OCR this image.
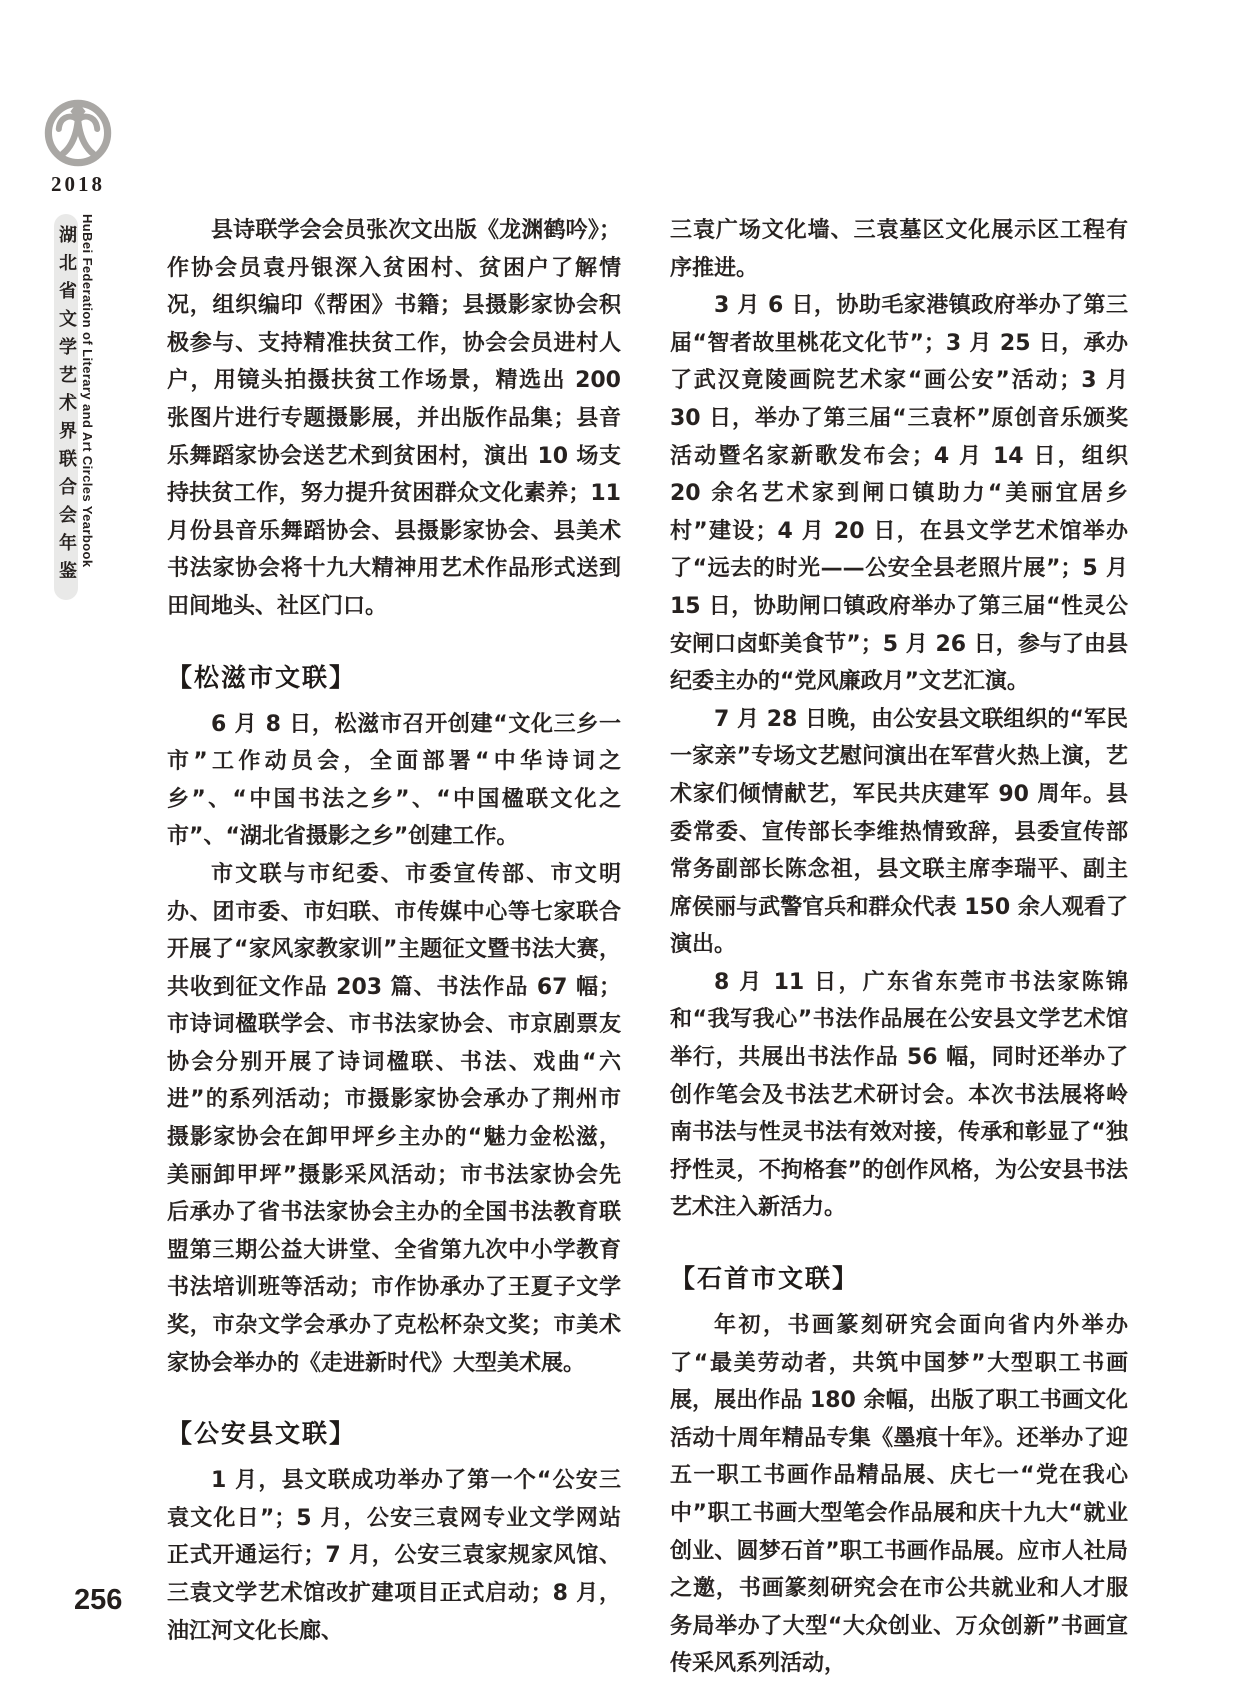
2018
湖北省文学艺术界联合会年鉴 HuBei Federation of Literary and Art Circles Yearbook
256
县诗联学会会员张次文出版《龙渊鹤吟》；作协会员袁丹银深入贫困村、贫困户了解情况，组织编印《帮困》书籍；县摄影家协会积极参与、支持精准扶贫工作，协会会员进村人户，用镜头拍摄扶贫工作场景，精选出 200 张图片进行专题摄影展，并出版作品集；县音乐舞蹈家协会送艺术到贫困村，演出 10 场支持扶贫工作，努力提升贫困群众文化素养；11 月份县音乐舞蹈协会、县摄影家协会、县美术书法家协会将十九大精神用艺术作品形式送到田间地头、社区门口。
【松滋市文联】
6 月 8 日，松滋市召开创建“文化三乡一市”工作动员会，全面部署“中华诗词之乡”、“中国书法之乡”、“中国楹联文化之市”、“湖北省摄影之乡”创建工作。
市文联与市纪委、市委宣传部、市文明办、团市委、市妇联、市传媒中心等七家联合开展了“家风家教家训”主题征文暨书法大赛，共收到征文作品 203 篇、书法作品 67 幅；市诗词楹联学会、市书法家协会、市京剧票友协会分别开展了诗词楹联、书法、戏曲“六进”的系列活动；市摄影家协会承办了荆州市摄影家协会在卸甲坪乡主办的“魅力金松滋，美丽卸甲坪”摄影采风活动；市书法家协会先后承办了省书法家协会主办的全国书法教育联盟第三期公益大讲堂、全省第九次中小学教育书法培训班等活动；市作协承办了王夏子文学奖，市杂文学会承办了克松杯杂文奖；市美术家协会举办的《走进新时代》大型美术展。
【公安县文联】
1 月，县文联成功举办了第一个“公安三袁文化日”；5 月，公安三袁网专业文学网站正式开通运行；7 月，公安三袁家规家风馆、三袁文学艺术馆改扩建项目正式启动；8 月，油江河文化长廊、
三袁广场文化墙、三袁墓区文化展示区工程有序推进。
3 月 6 日，协助毛家港镇政府举办了第三届“智者故里桃花文化节”；3 月 25 日，承办了武汉竟陵画院艺术家“画公安”活动；3 月 30 日，举办了第三届“三袁杯”原创音乐颁奖活动暨名家新歌发布会；4 月 14 日，组织 20 余名艺术家到闸口镇助力“美丽宜居乡村”建设；4 月 20 日，在县文学艺术馆举办了“远去的时光——公安全县老照片展”；5 月 15 日，协助闸口镇政府举办了第三届“性灵公安闸口卤虾美食节”；5 月 26 日，参与了由县纪委主办的“党风廉政月”文艺汇演。
7 月 28 日晚，由公安县文联组织的“军民一家亲”专场文艺慰问演出在军营火热上演，艺术家们倾情献艺，军民共庆建军 90 周年。县委常委、宣传部长李维热情致辞，县委宣传部常务副部长陈念祖，县文联主席李瑞平、副主席侯丽与武警官兵和群众代表 150 余人观看了演出。
8 月 11 日，广东省东莞市书法家陈锦和“我写我心”书法作品展在公安县文学艺术馆举行，共展出书法作品 56 幅，同时还举办了创作笔会及书法艺术研讨会。本次书法展将岭南书法与性灵书法有效对接，传承和彰显了“独抒性灵，不拘格套”的创作风格，为公安县书法艺术注入新活力。
【石首市文联】
年初，书画篆刻研究会面向省内外举办了“最美劳动者，共筑中国梦”大型职工书画展，展出作品 180 余幅，出版了职工书画文化活动十周年精品专集《墨痕十年》。还举办了迎五一职工书画作品精品展、庆七一“党在我心中”职工书画大型笔会作品展和庆十九大“就业创业、圆梦石首”职工书画作品展。应市人社局之邀，书画篆刻研究会在市公共就业和人才服务局举办了大型“大众创业、万众创新”书画宣传采风系列活动，
